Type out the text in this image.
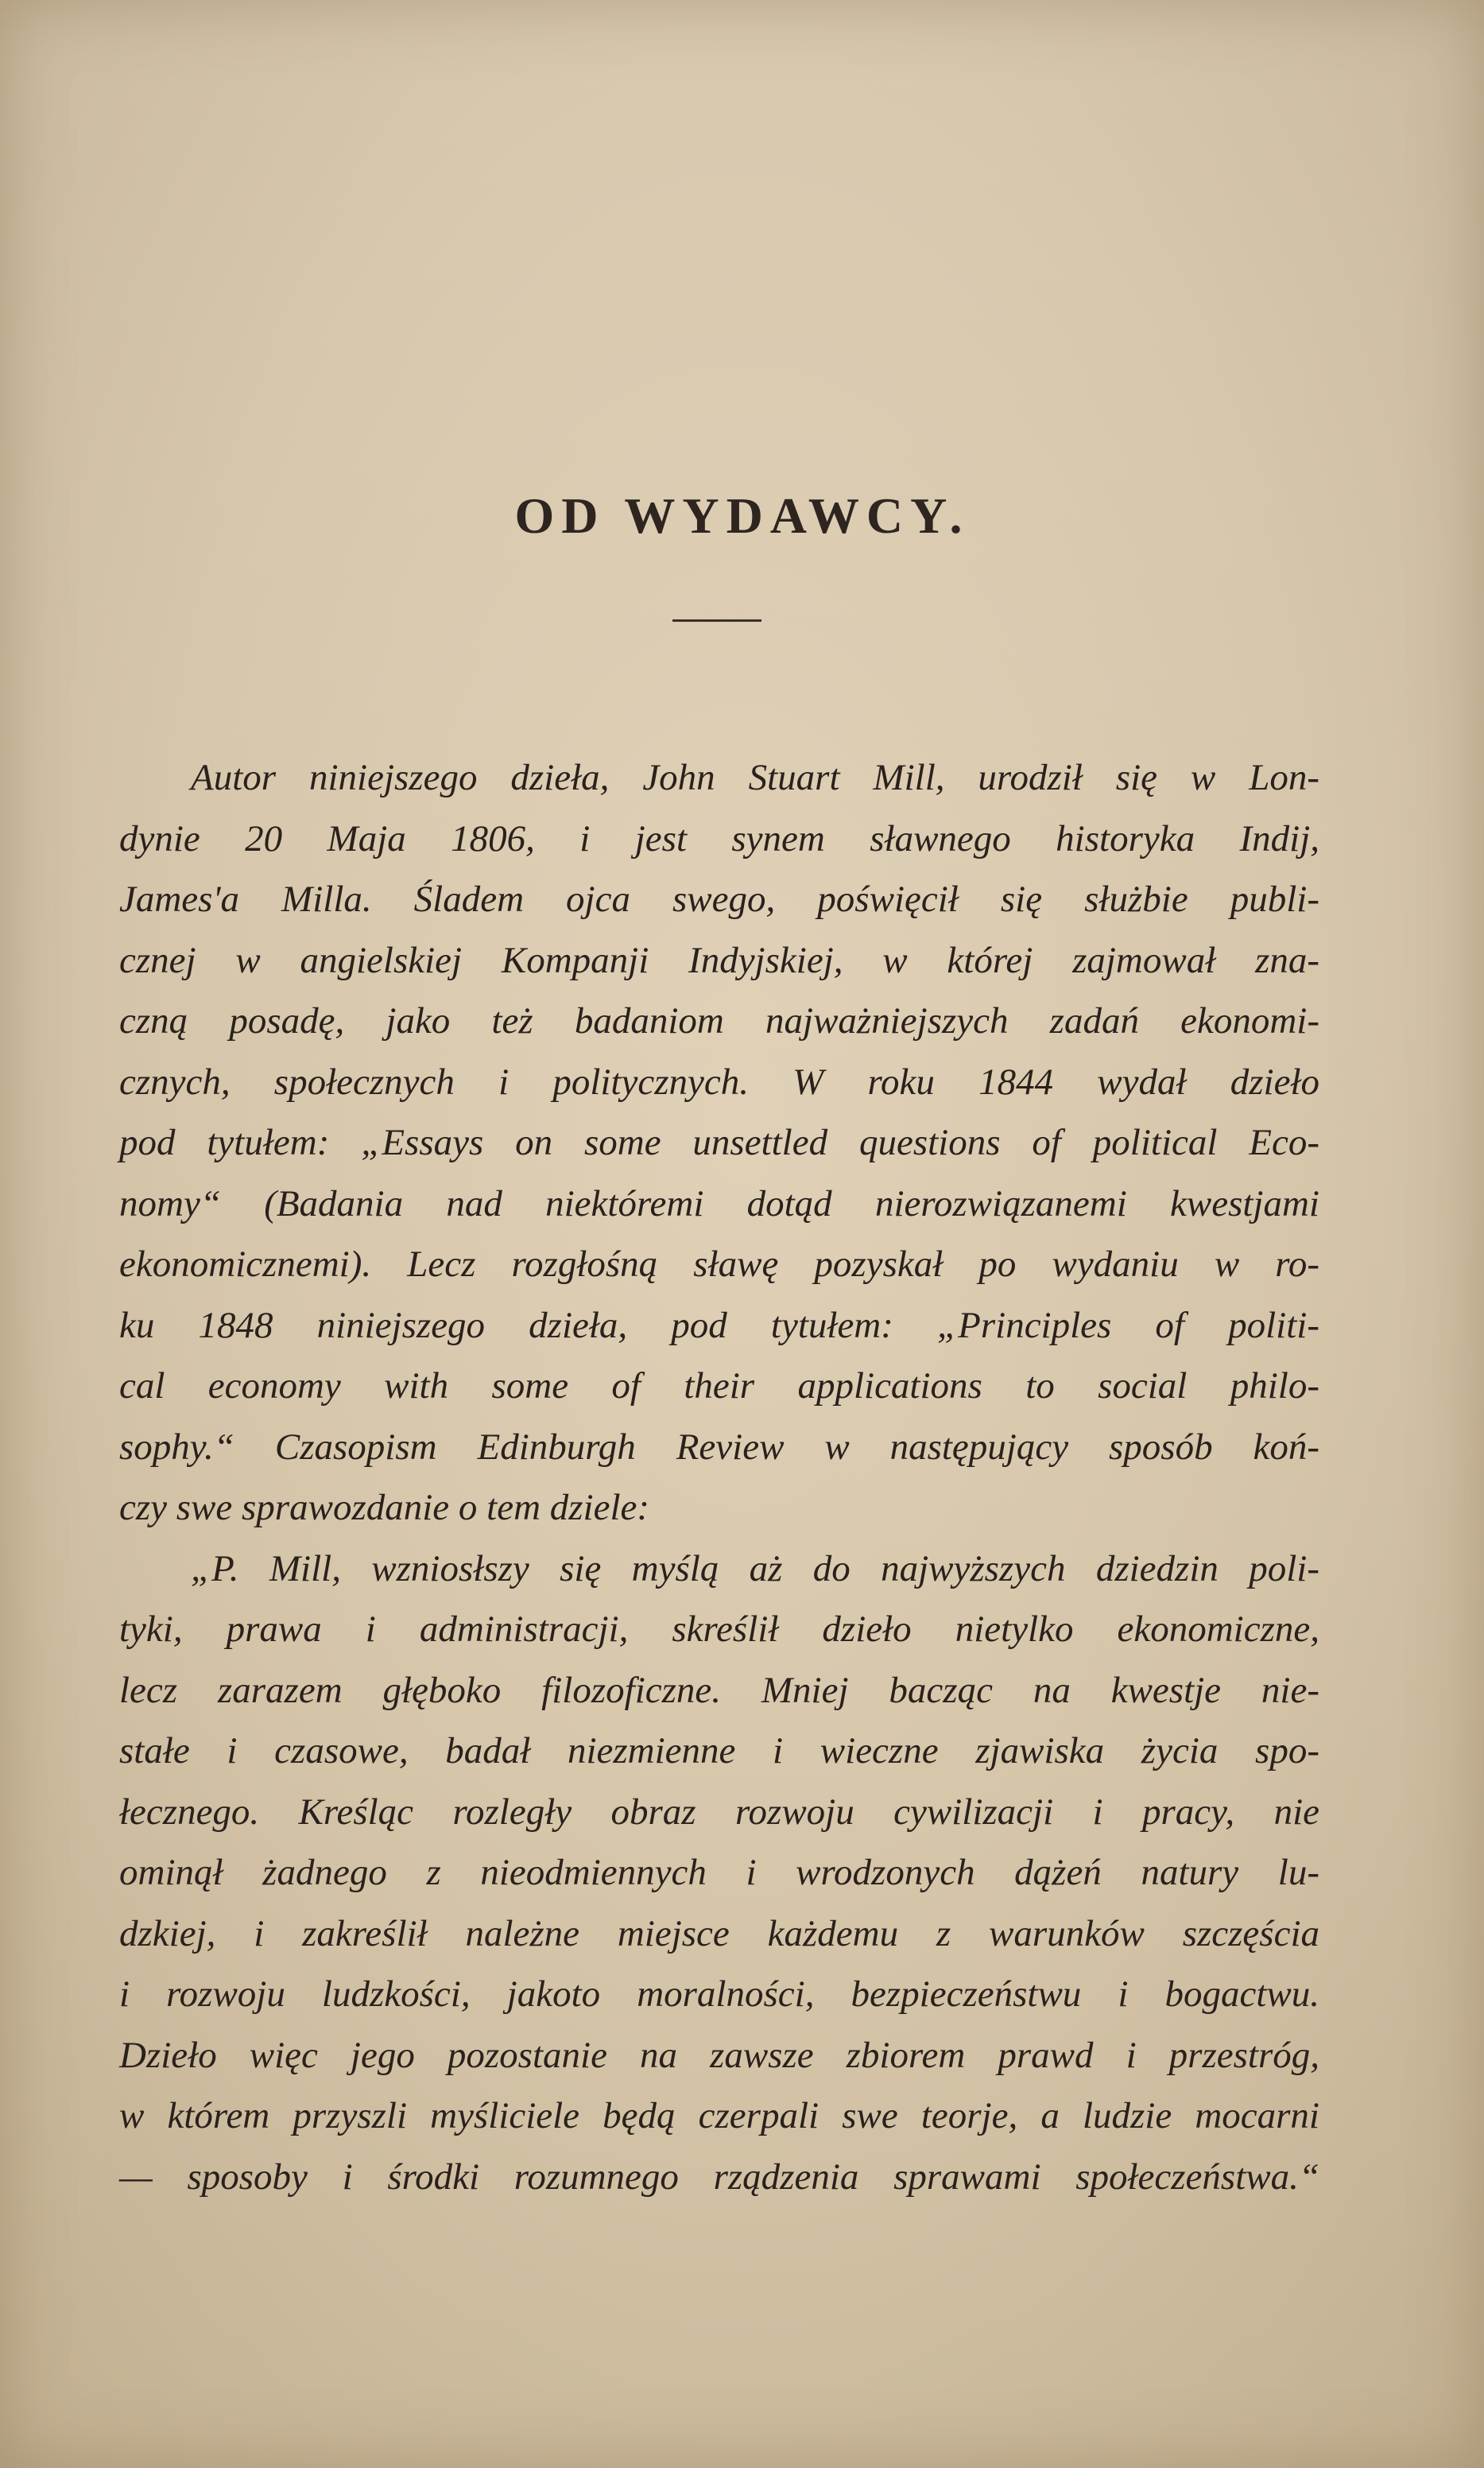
OD WYDAWCY.
Autor niniejszego dzieła, John Stuart Mill, urodził się w Lon-
dynie 20 Maja 1806, i jest synem sławnego historyka Indij,
James'a Milla. Śladem ojca swego, poświęcił się służbie publi-
cznej w angielskiej Kompanji Indyjskiej, w której zajmował zna-
czną posadę, jako też badaniom najważniejszych zadań ekonomi-
cznych, społecznych i politycznych. W roku 1844 wydał dzieło
pod tytułem: „Essays on some unsettled questions of political Eco-
nomy“ (Badania nad niektóremi dotąd nierozwiązanemi kwestjami
ekonomicznemi). Lecz rozgłośną sławę pozyskał po wydaniu w ro-
ku 1848 niniejszego dzieła, pod tytułem: „Principles of politi-
cal economy with some of their applications to social philo-
sophy.“ Czasopism Edinburgh Review w następujący sposób koń-
czy swe sprawozdanie o tem dziele:
„P. Mill, wzniosłszy się myślą aż do najwyższych dziedzin poli-
tyki, prawa i administracji, skreślił dzieło nietylko ekonomiczne,
lecz zarazem głęboko filozoficzne. Mniej bacząc na kwestje nie-
stałe i czasowe, badał niezmienne i wieczne zjawiska życia spo-
łecznego. Kreśląc rozległy obraz rozwoju cywilizacji i pracy, nie
ominął żadnego z nieodmiennych i wrodzonych dążeń natury lu-
dzkiej, i zakreślił należne miejsce każdemu z warunków szczęścia
i rozwoju ludzkości, jakoto moralności, bezpieczeństwu i bogactwu.
Dzieło więc jego pozostanie na zawsze zbiorem prawd i przestróg,
w którem przyszli myśliciele będą czerpali swe teorje, a ludzie mocarni
— sposoby i środki rozumnego rządzenia sprawami społeczeństwa.“
